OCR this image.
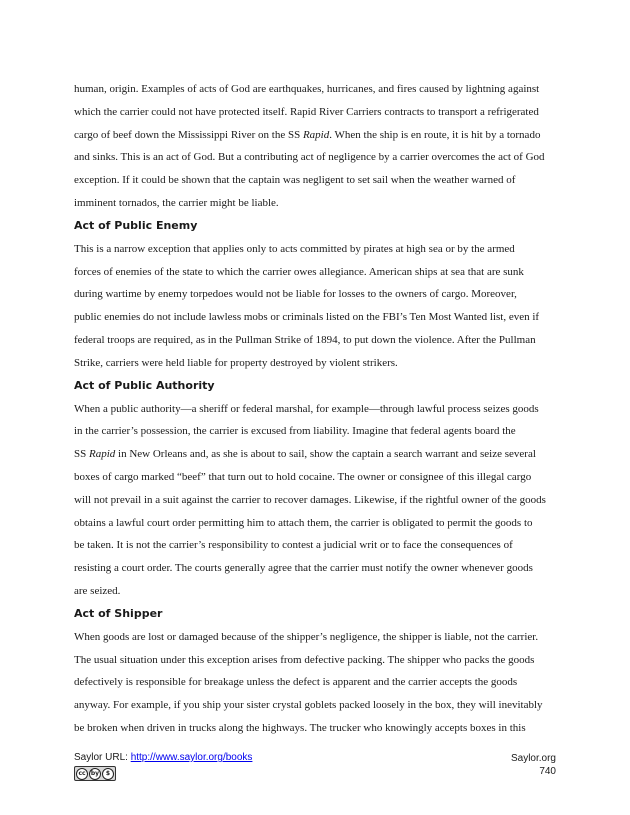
human, origin. Examples of acts of God are earthquakes, hurricanes, and fires caused by lightning against
which the carrier could not have protected itself. Rapid River Carriers contracts to transport a refrigerated
cargo of beef down the Mississippi River on the SS Rapid. When the ship is en route, it is hit by a tornado
and sinks. This is an act of God. But a contributing act of negligence by a carrier overcomes the act of God
exception. If it could be shown that the captain was negligent to set sail when the weather warned of
imminent tornados, the carrier might be liable.

Act of Public Enemy

This is a narrow exception that applies only to acts committed by pirates at high sea or by the armed
forces of enemies of the state to which the carrier owes allegiance. American ships at sea that are sunk
during wartime by enemy torpedoes would not be liable for losses to the owners of cargo. Moreover,
public enemies do not include lawless mobs or criminals listed on the FBI’s Ten Most Wanted list, even if
federal troops are required, as in the Pullman Strike of 1894, to put down the violence. After the Pullman
Strike, carriers were held liable for property destroyed by violent strikers.

Act of Public Authority

When a public authority—a sheriff or federal marshal, for example—through lawful process seizes goods
in the carrier’s possession, the carrier is excused from liability. Imagine that federal agents board the
SS Rapid in New Orleans and, as she is about to sail, show the captain a search warrant and seize several
boxes of cargo marked “beef” that turn out to hold cocaine. The owner or consignee of this illegal cargo
will not prevail in a suit against the carrier to recover damages. Likewise, if the rightful owner of the goods
obtains a lawful court order permitting him to attach them, the carrier is obligated to permit the goods to
be taken. It is not the carrier’s responsibility to contest a judicial writ or to face the consequences of
resisting a court order. The courts generally agree that the carrier must notify the owner whenever goods
are seized.

Act of Shipper

When goods are lost or damaged because of the shipper’s negligence, the shipper is liable, not the carrier.
The usual situation under this exception arises from defective packing. The shipper who packs the goods
defectively is responsible for breakage unless the defect is apparent and the carrier accepts the goods
anyway. For example, if you ship your sister crystal goblets packed loosely in the box, they will inevitably
be broken when driven in trucks along the highways. The trucker who knowingly accepts boxes in this

Saylor URL: http://www.saylor.org/books
cc by	$
Saylor.org
740
